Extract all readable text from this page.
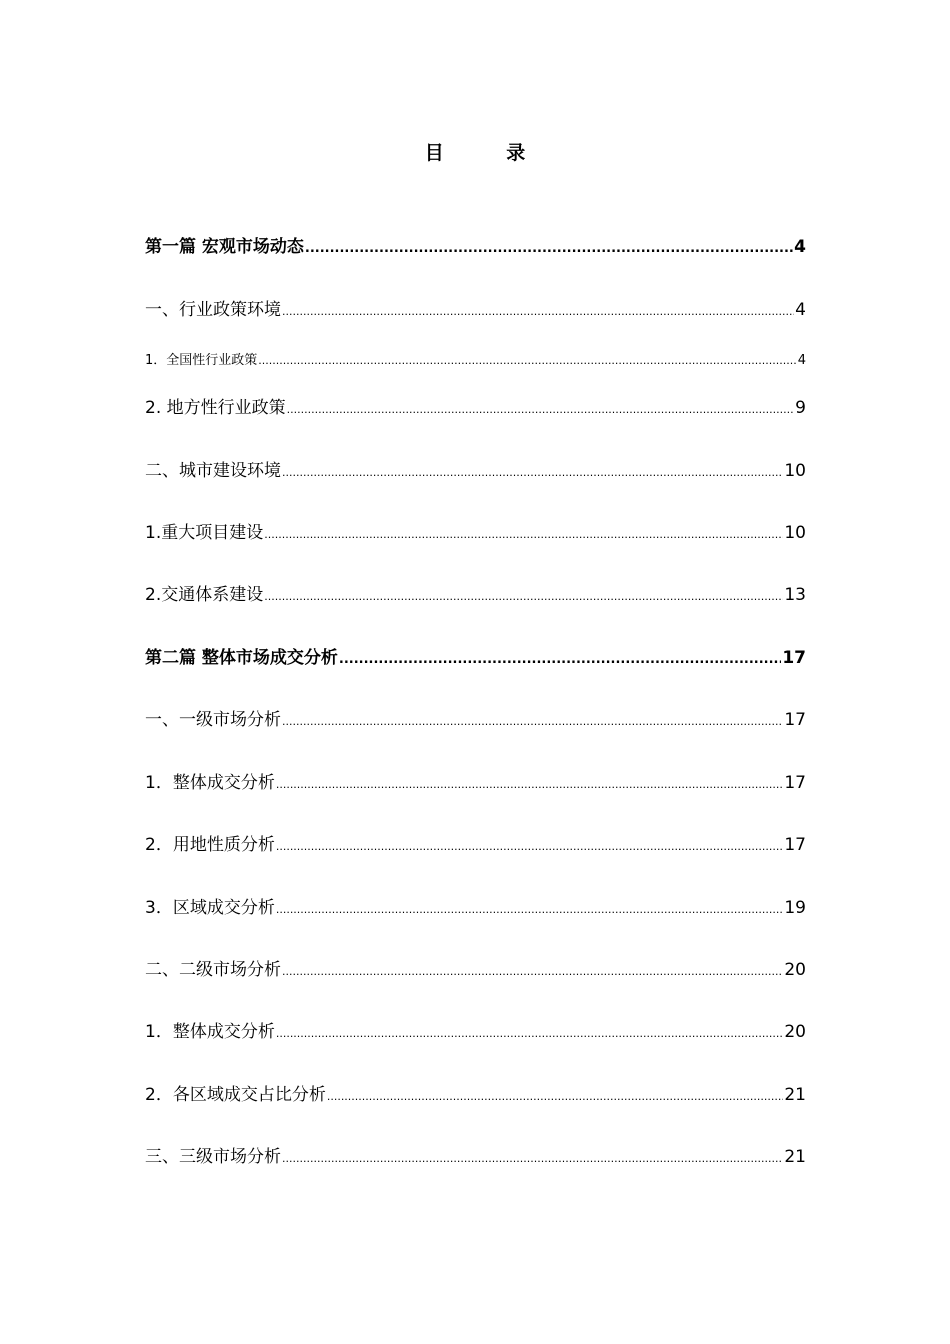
目 录
第一篇 宏观市场动态 .....	4
一、行业政策环境 .....	4
1．全国性行业政策 .....	4
2. 地方性行业政策 .....	9
二、城市建设环境 .....	10
1.重大项目建设 .....	10
2.交通体系建设 .....	13
第二篇 整体市场成交分析 .....	17
一、一级市场分析 .....	17
1．整体成交分析 .....	17
2．用地性质分析 .....	17
3．区域成交分析 .....	19
二、二级市场分析 .....	20
1．整体成交分析 .....	20
2．各区域成交占比分析 .....	21
三、三级市场分析 .....	21
